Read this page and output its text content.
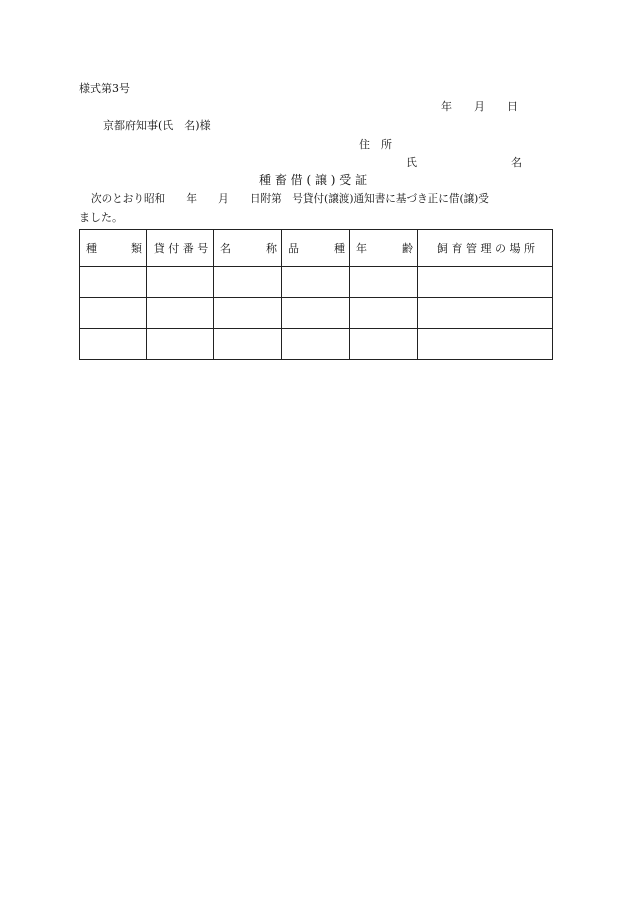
様式第3号
年　　月　　日
京都府知事(氏　名)様
住　所
氏	名
種 畜 借 ( 譲 ) 受 証
次のとおり昭和　　年　　月　　日附第　号貸付(譲渡)通知書に基づき正に借(譲)受
ました。
種 類	貸 付 番 号	名 称	品 種	年 齢	飼 育 管 理 の 場 所
